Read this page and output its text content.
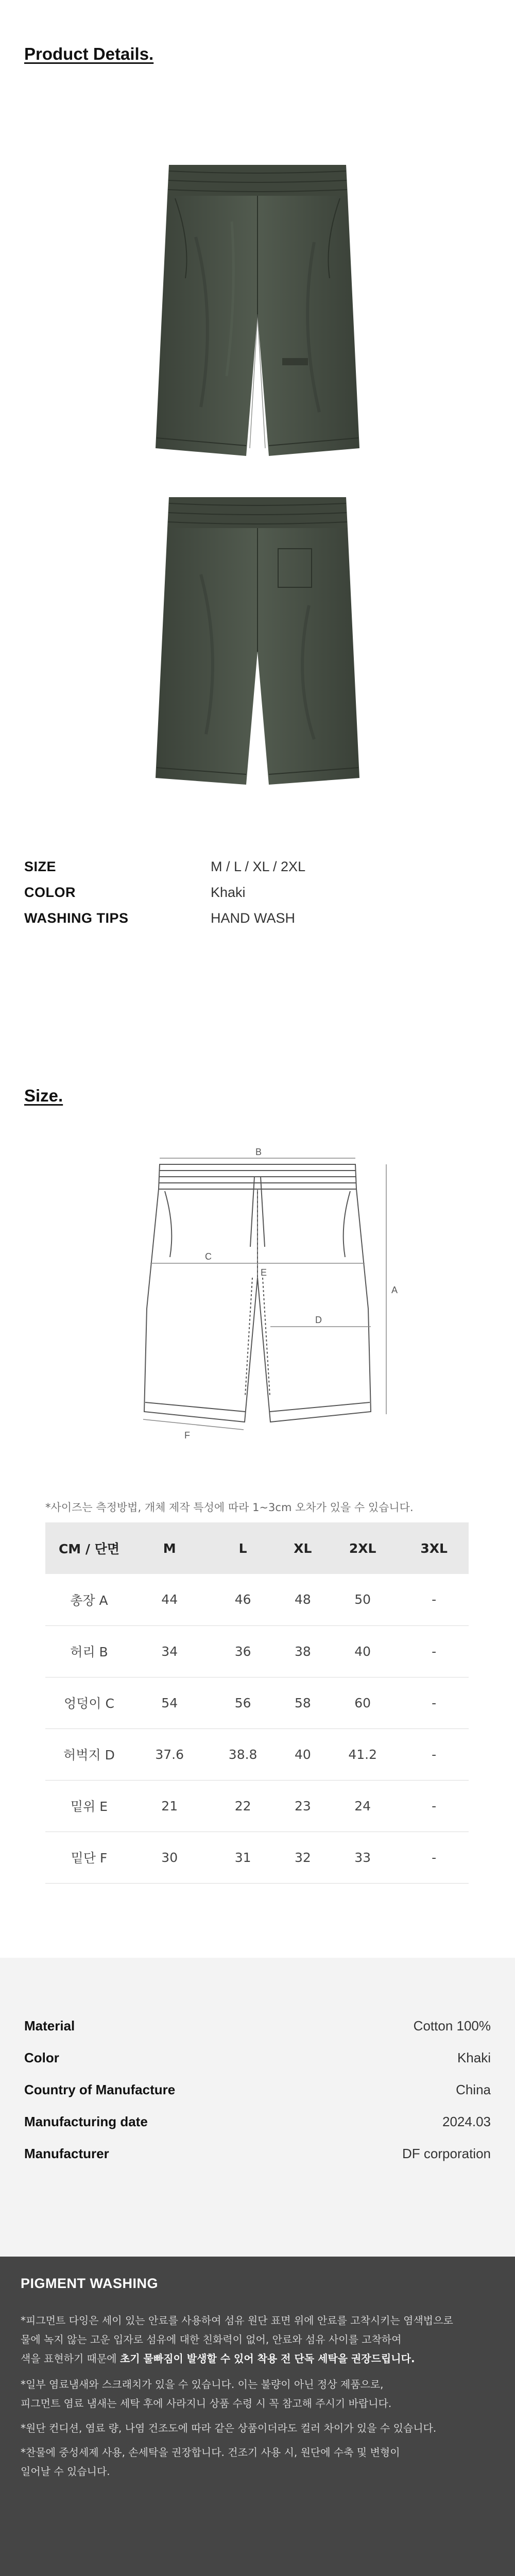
Product Details.
SIZE	M / L / XL / 2XL
COLOR	Khaki
WASHING TIPS	HAND WASH
Size.
B
C
A
E
D
F
*사이즈는 측정방법, 개체 제작 특성에 따라 1~3cm 오차가 있을 수 있습니다.
CM / 단면	M	L	XL	2XL	3XL
총장 A	44	46	48	50	-
허리 B	34	36	38	40	-
엉덩이 C	54	56	58	60	-
허벅지 D	37.6	38.8	40	41.2	-
밑위 E	21	22	23	24	-
밑단 F	30	31	32	33	-
Material	Cotton 100%
Color	Khaki
Country of Manufacture	China
Manufacturing date	2024.03
Manufacturer	DF corporation
PIGMENT WASHING
*피그먼트 다잉은 세이 있는 안료를 사용하여 섬유 원단 표면 위에 안료를 고착시키는 염색법으로
물에 녹지 않는 고운 입자로 섬유에 대한 친화력이 없어, 안료와 섬유 사이를 고착하여
색을 표현하기 때문에 초기 물빠짐이 발생할 수 있어 착용 전 단독 세탁을 권장드립니다.
*일부 염료냄새와 스크래치가 있을 수 있습니다. 이는 불량이 아닌 정상 제품으로,
피그먼트 염료 냄새는 세탁 후에 사라지니 상품 수령 시 꼭 참고해 주시기 바랍니다.
*원단 컨디션, 염료 량, 나염 건조도에 따라 같은 상품이더라도 컬러 차이가 있을 수 있습니다.
*찬물에 중성세제 사용, 손세탁을 권장합니다. 건조기 사용 시, 원단에 수축 및 변형이
일어날 수 있습니다.
